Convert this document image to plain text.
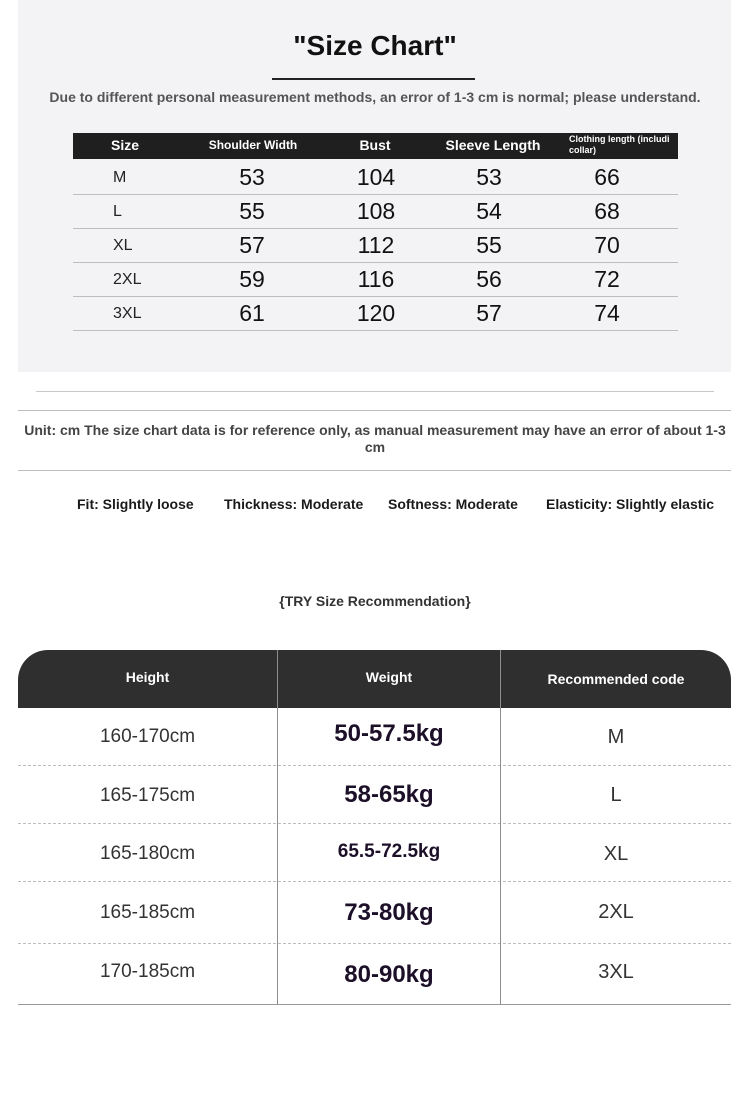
"Size Chart"
Due to different personal measurement methods, an error of 1-3 cm is normal; please understand.
Size	Shoulder Width	Bust	Sleeve Length	Clothing length (includi
collar)
M	53	104	53	66
L	55	108	54	68
XL	57	112	55	70
2XL	59	116	56	72
3XL	61	120	57	74
Unit: cm The size chart data is for reference only, as manual measurement may have an error of about 1-3 cm
Fit: Slightly loose Thickness: Moderate Softness: Moderate Elasticity: Slightly elastic
{TRY Size Recommendation}
Height	Weight	Recommended code
160-170cm	50-57.5kg	M
165-175cm	58-65kg	L
165-180cm	65.5-72.5kg	XL
165-185cm	73-80kg	2XL
170-185cm	80-90kg	3XL
